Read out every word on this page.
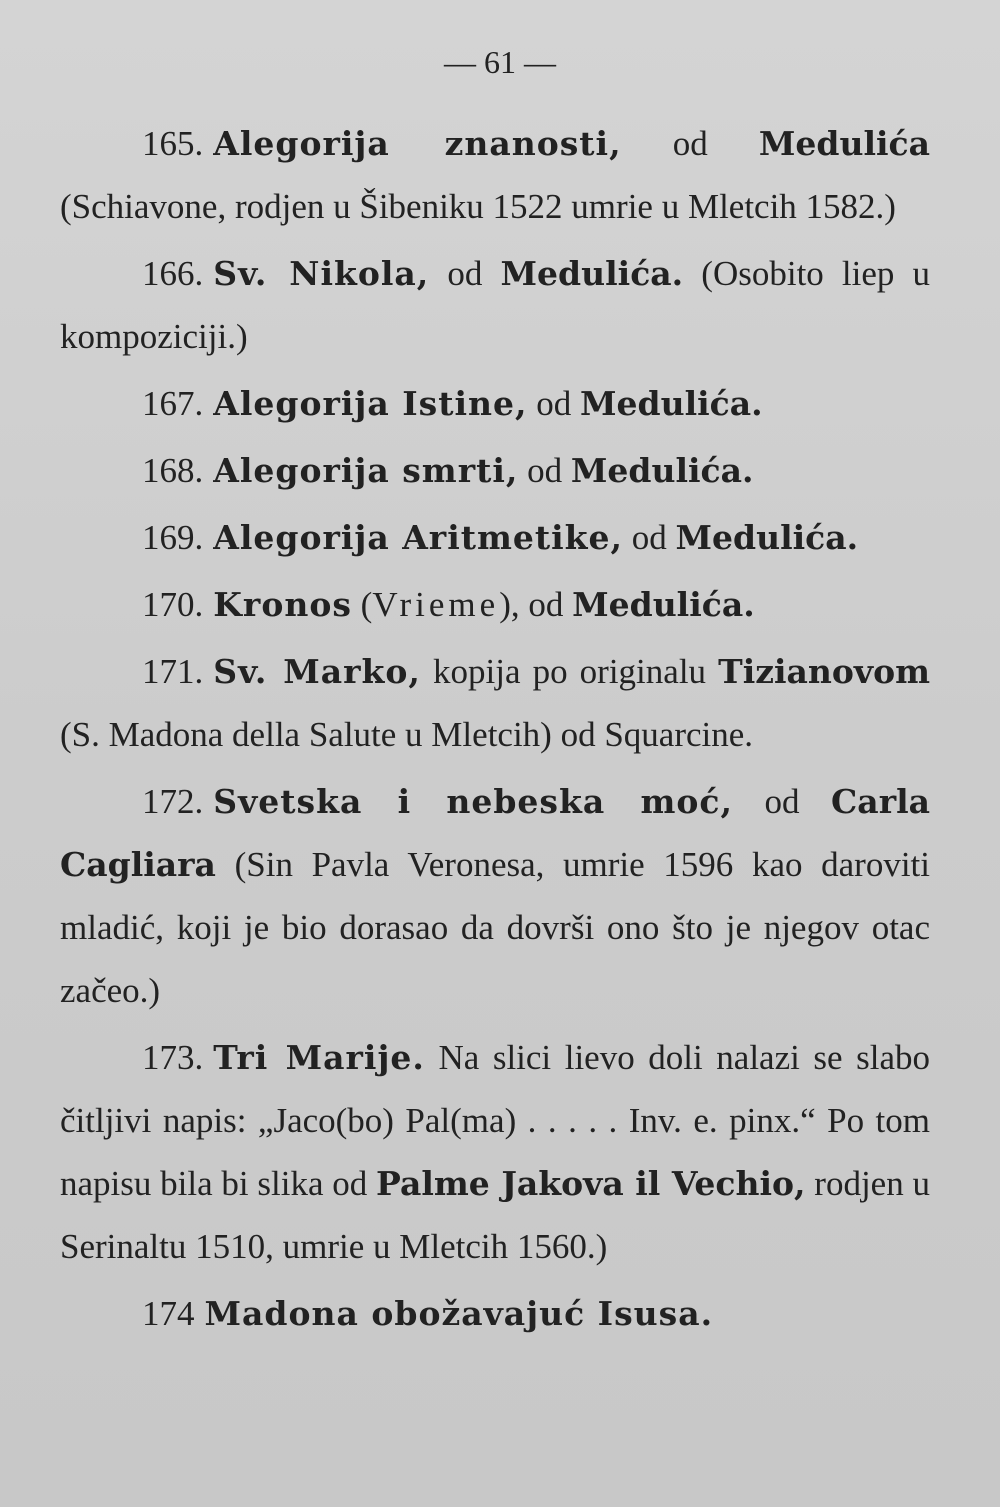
— 61 —

165. Alegorija znanosti, od Medulića (Schiavone, rodjen u Šibeniku 1522 umrie u Mletcih 1582.)

166. Sv. Nikola, od Medulića. (Osobito liep u kompoziciji.)

167. Alegorija Istine, od Medulića.

168. Alegorija smrti, od Medulića.

169. Alegorija Aritmetike, od Medulića.

170. Kronos (Vrieme), od Medulića.

171. Sv. Marko, kopija po originalu Tizianovom (S. Madona della Salute u Mletcih) od Squarcine.

172. Svetska i nebeska moć, od Carla Cagliara (Sin Pavla Veronesa, umrie 1596 kao daroviti mladić, koji je bio dorasao da dovrši ono što je njegov otac začeo.)

173. Tri Marije. Na slici lievo doli nalazi se slabo čitljivi napis: „Jaco(bo) Pal(ma) . . . . . Inv. e. pinx.“ Po tom napisu bila bi slika od Palme Jakova il Vechio, rodjen u Serinaltu 1510, umrie u Mletcih 1560.)

174 Madona obožavajuć Isusa.
